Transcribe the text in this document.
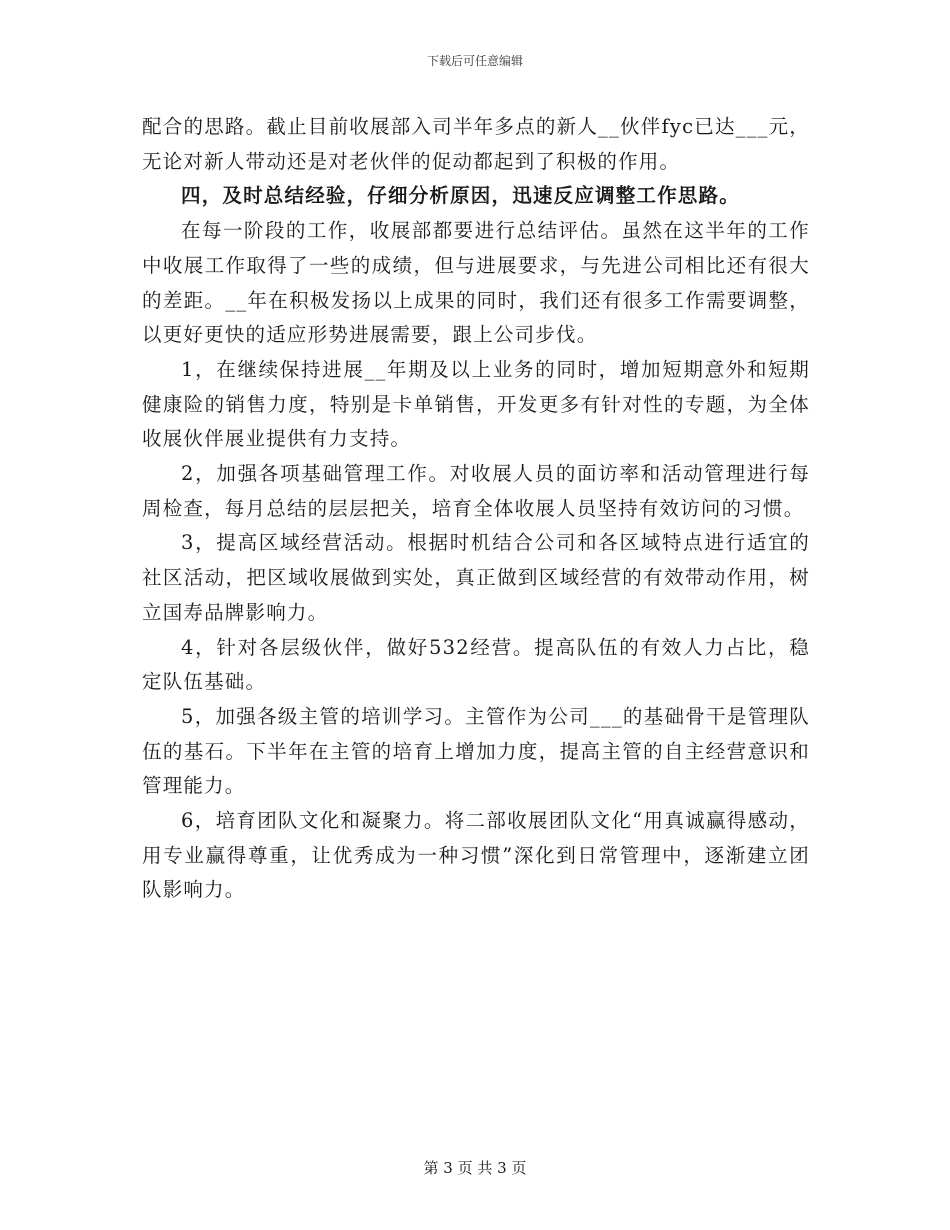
下载后可任意编辑

配合的思路。截止目前收展部入司半年多点的新人__伙伴fyc已达___元，无论对新人带动还是对老伙伴的促动都起到了积极的作用。

四，及时总结经验，仔细分析原因，迅速反应调整工作思路。

在每一阶段的工作，收展部都要进行总结评估。虽然在这半年的工作中收展工作取得了一些的成绩，但与进展要求，与先进公司相比还有很大的差距。__年在积极发扬以上成果的同时，我们还有很多工作需要调整，以更好更快的适应形势进展需要，跟上公司步伐。

1，在继续保持进展__年期及以上业务的同时，增加短期意外和短期健康险的销售力度，特别是卡单销售，开发更多有针对性的专题，为全体收展伙伴展业提供有力支持。

2，加强各项基础管理工作。对收展人员的面访率和活动管理进行每周检查，每月总结的层层把关，培育全体收展人员坚持有效访问的习惯。

3，提高区域经营活动。根据时机结合公司和各区域特点进行适宜的社区活动，把区域收展做到实处，真正做到区域经营的有效带动作用，树立国寿品牌影响力。

4，针对各层级伙伴，做好532经营。提高队伍的有效人力占比，稳定队伍基础。

5，加强各级主管的培训学习。主管作为公司___的基础骨干是管理队伍的基石。下半年在主管的培育上增加力度，提高主管的自主经营意识和管理能力。

6，培育团队文化和凝聚力。将二部收展团队文化“用真诚赢得感动，用专业赢得尊重，让优秀成为一种习惯”深化到日常管理中，逐渐建立团队影响力。

第 3 页 共 3 页
